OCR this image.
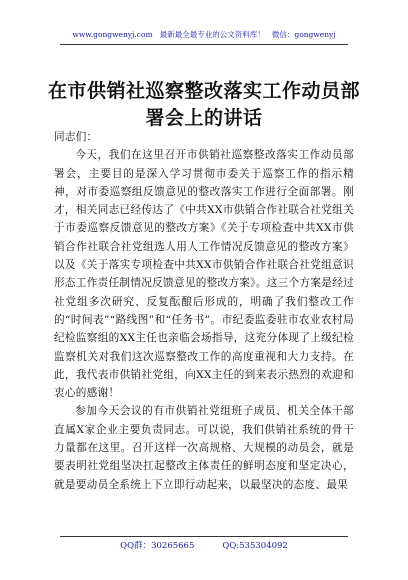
www.gongwenyj.com 最新最全最专业的公文资料库！ 微信：gongwenyj
在市供销社巡察整改落实工作动员部署会上的讲话

同志们：

今天，我们在这里召开市供销社巡察整改落实工作动员部署会，主要目的是深入学习贯彻市委关于巡察工作的指示精神，对市委巡察组反馈意见的整改落实工作进行全面部署。刚才，相关同志已经传达了《中共XX市供销合作社联合社党组关于市委巡察反馈意见的整改方案》《关于专项检查中共XX市供销合作社联合社党组选人用人工作情况反馈意见的整改方案》以及《关于落实专项检查中共XX市供销合作社联合社党组意识形态工作责任制情况反馈意见的整改方案》。这三个方案是经过社党组多次研究、反复酝酿后形成的，明确了我们整改工作的“时间表”“路线图”和“任务书”。市纪委监委驻市农业农村局纪检监察组的XX主任也亲临会场指导，这充分体现了上级纪检监察机关对我们这次巡察整改工作的高度重视和大力支持。在此，我代表市供销社党组，向XX主任的到来表示热烈的欢迎和衷心的感谢！

参加今天会议的有市供销社党组班子成员、机关全体干部直属X家企业主要负责同志。可以说，我们供销社系统的骨干力量都在这里。召开这样一次高规格、大规模的动员会，就是要表明社党组坚决扛起整改主体责任的鲜明态度和坚定决心，就是要动员全系统上下立即行动起来，以最坚决的态度、最果

QQ群：30265665	QQ:535304092
